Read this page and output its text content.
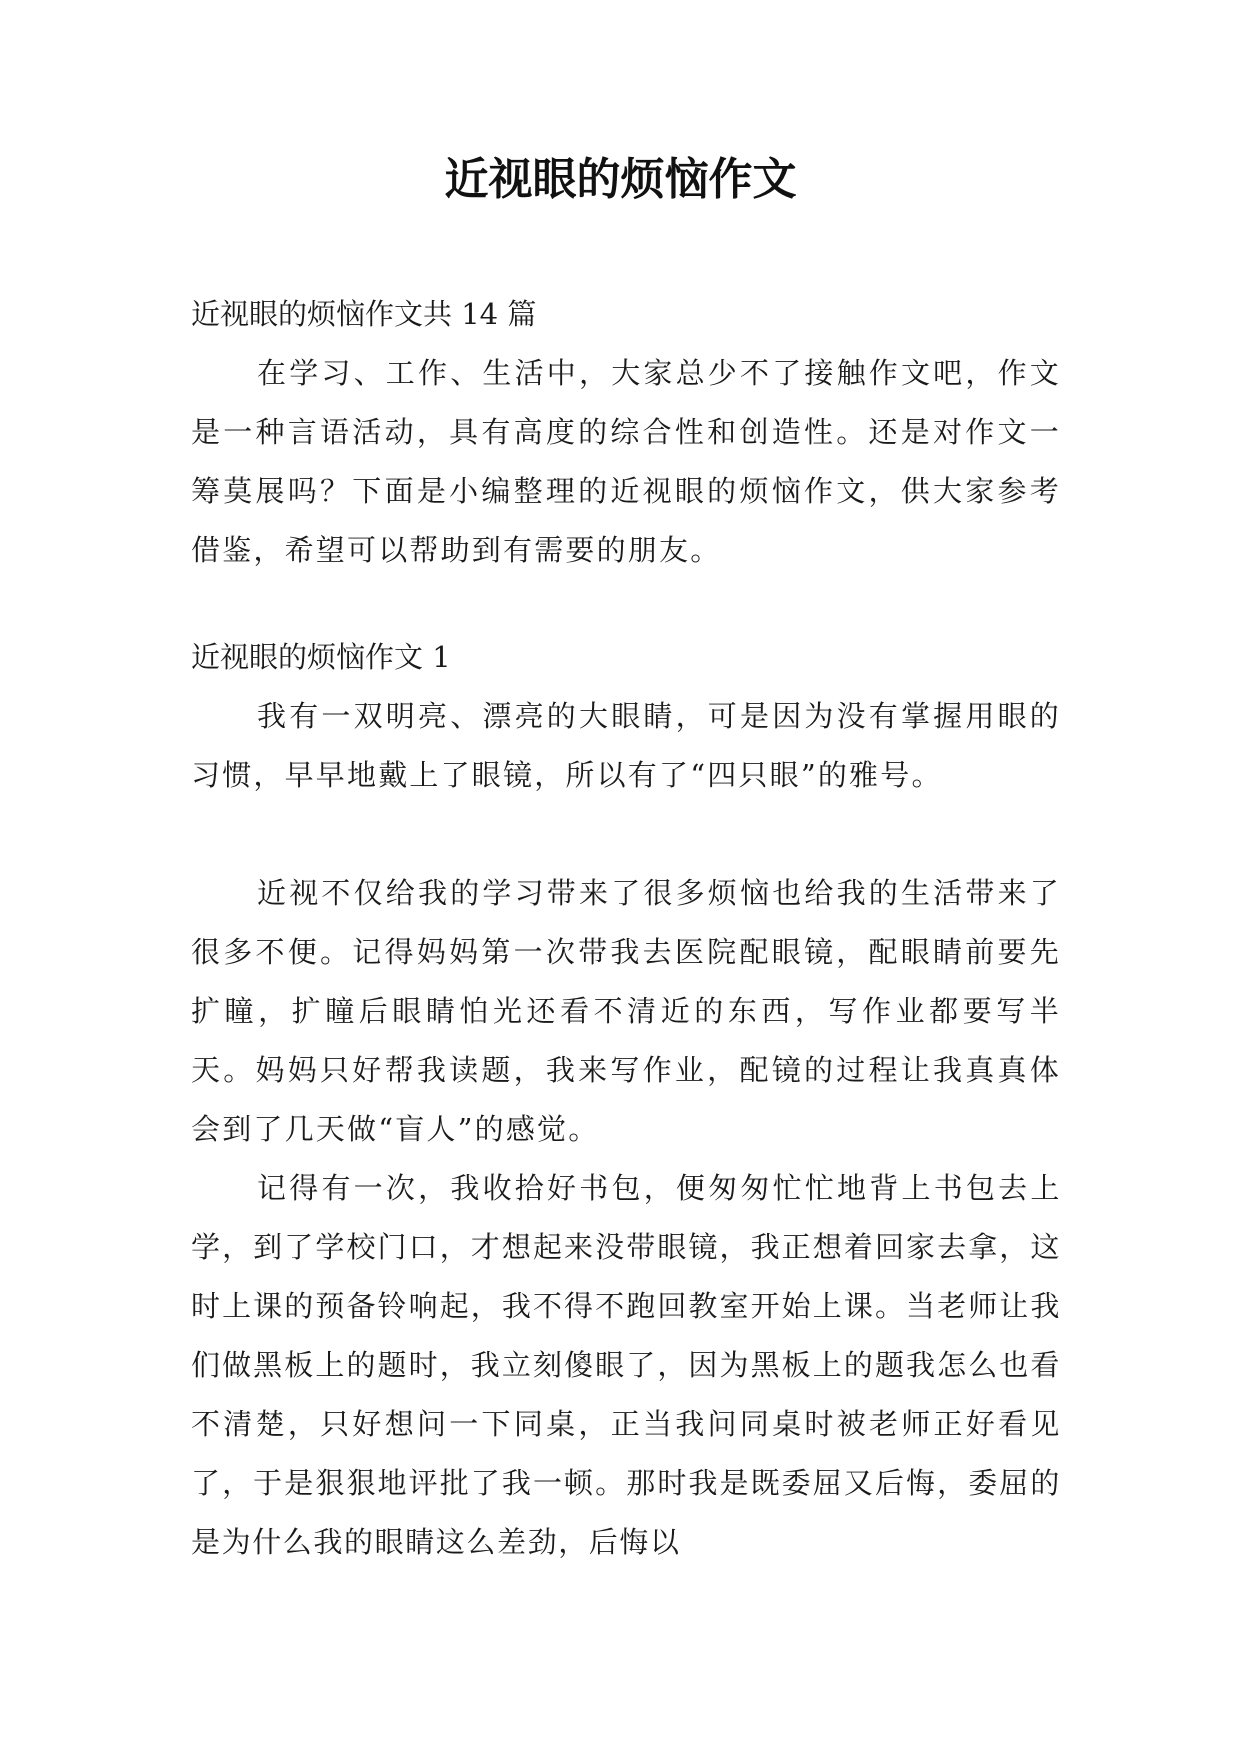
近视眼的烦恼作文

近视眼的烦恼作文共 14 篇

在学习、工作、生活中，大家总少不了接触作文吧，作文是一种言语活动，具有高度的综合性和创造性。还是对作文一筹莫展吗？下面是小编整理的近视眼的烦恼作文，供大家参考借鉴，希望可以帮助到有需要的朋友。

近视眼的烦恼作文 1

我有一双明亮、漂亮的大眼睛，可是因为没有掌握用眼的习惯，早早地戴上了眼镜，所以有了“四只眼”的雅号。

近视不仅给我的学习带来了很多烦恼也给我的生活带来了很多不便。记得妈妈第一次带我去医院配眼镜，配眼睛前要先扩瞳，扩瞳后眼睛怕光还看不清近的东西，写作业都要写半天。妈妈只好帮我读题，我来写作业，配镜的过程让我真真体会到了几天做“盲人”的感觉。

记得有一次，我收拾好书包，便匆匆忙忙地背上书包去上学，到了学校门口，才想起来没带眼镜，我正想着回家去拿，这时上课的预备铃响起，我不得不跑回教室开始上课。当老师让我们做黑板上的题时，我立刻傻眼了，因为黑板上的题我怎么也看不清楚，只好想问一下同桌，正当我问同桌时被老师正好看见了，于是狠狠地评批了我一顿。那时我是既委屈又后悔，委屈的是为什么我的眼睛这么差劲，后悔以
